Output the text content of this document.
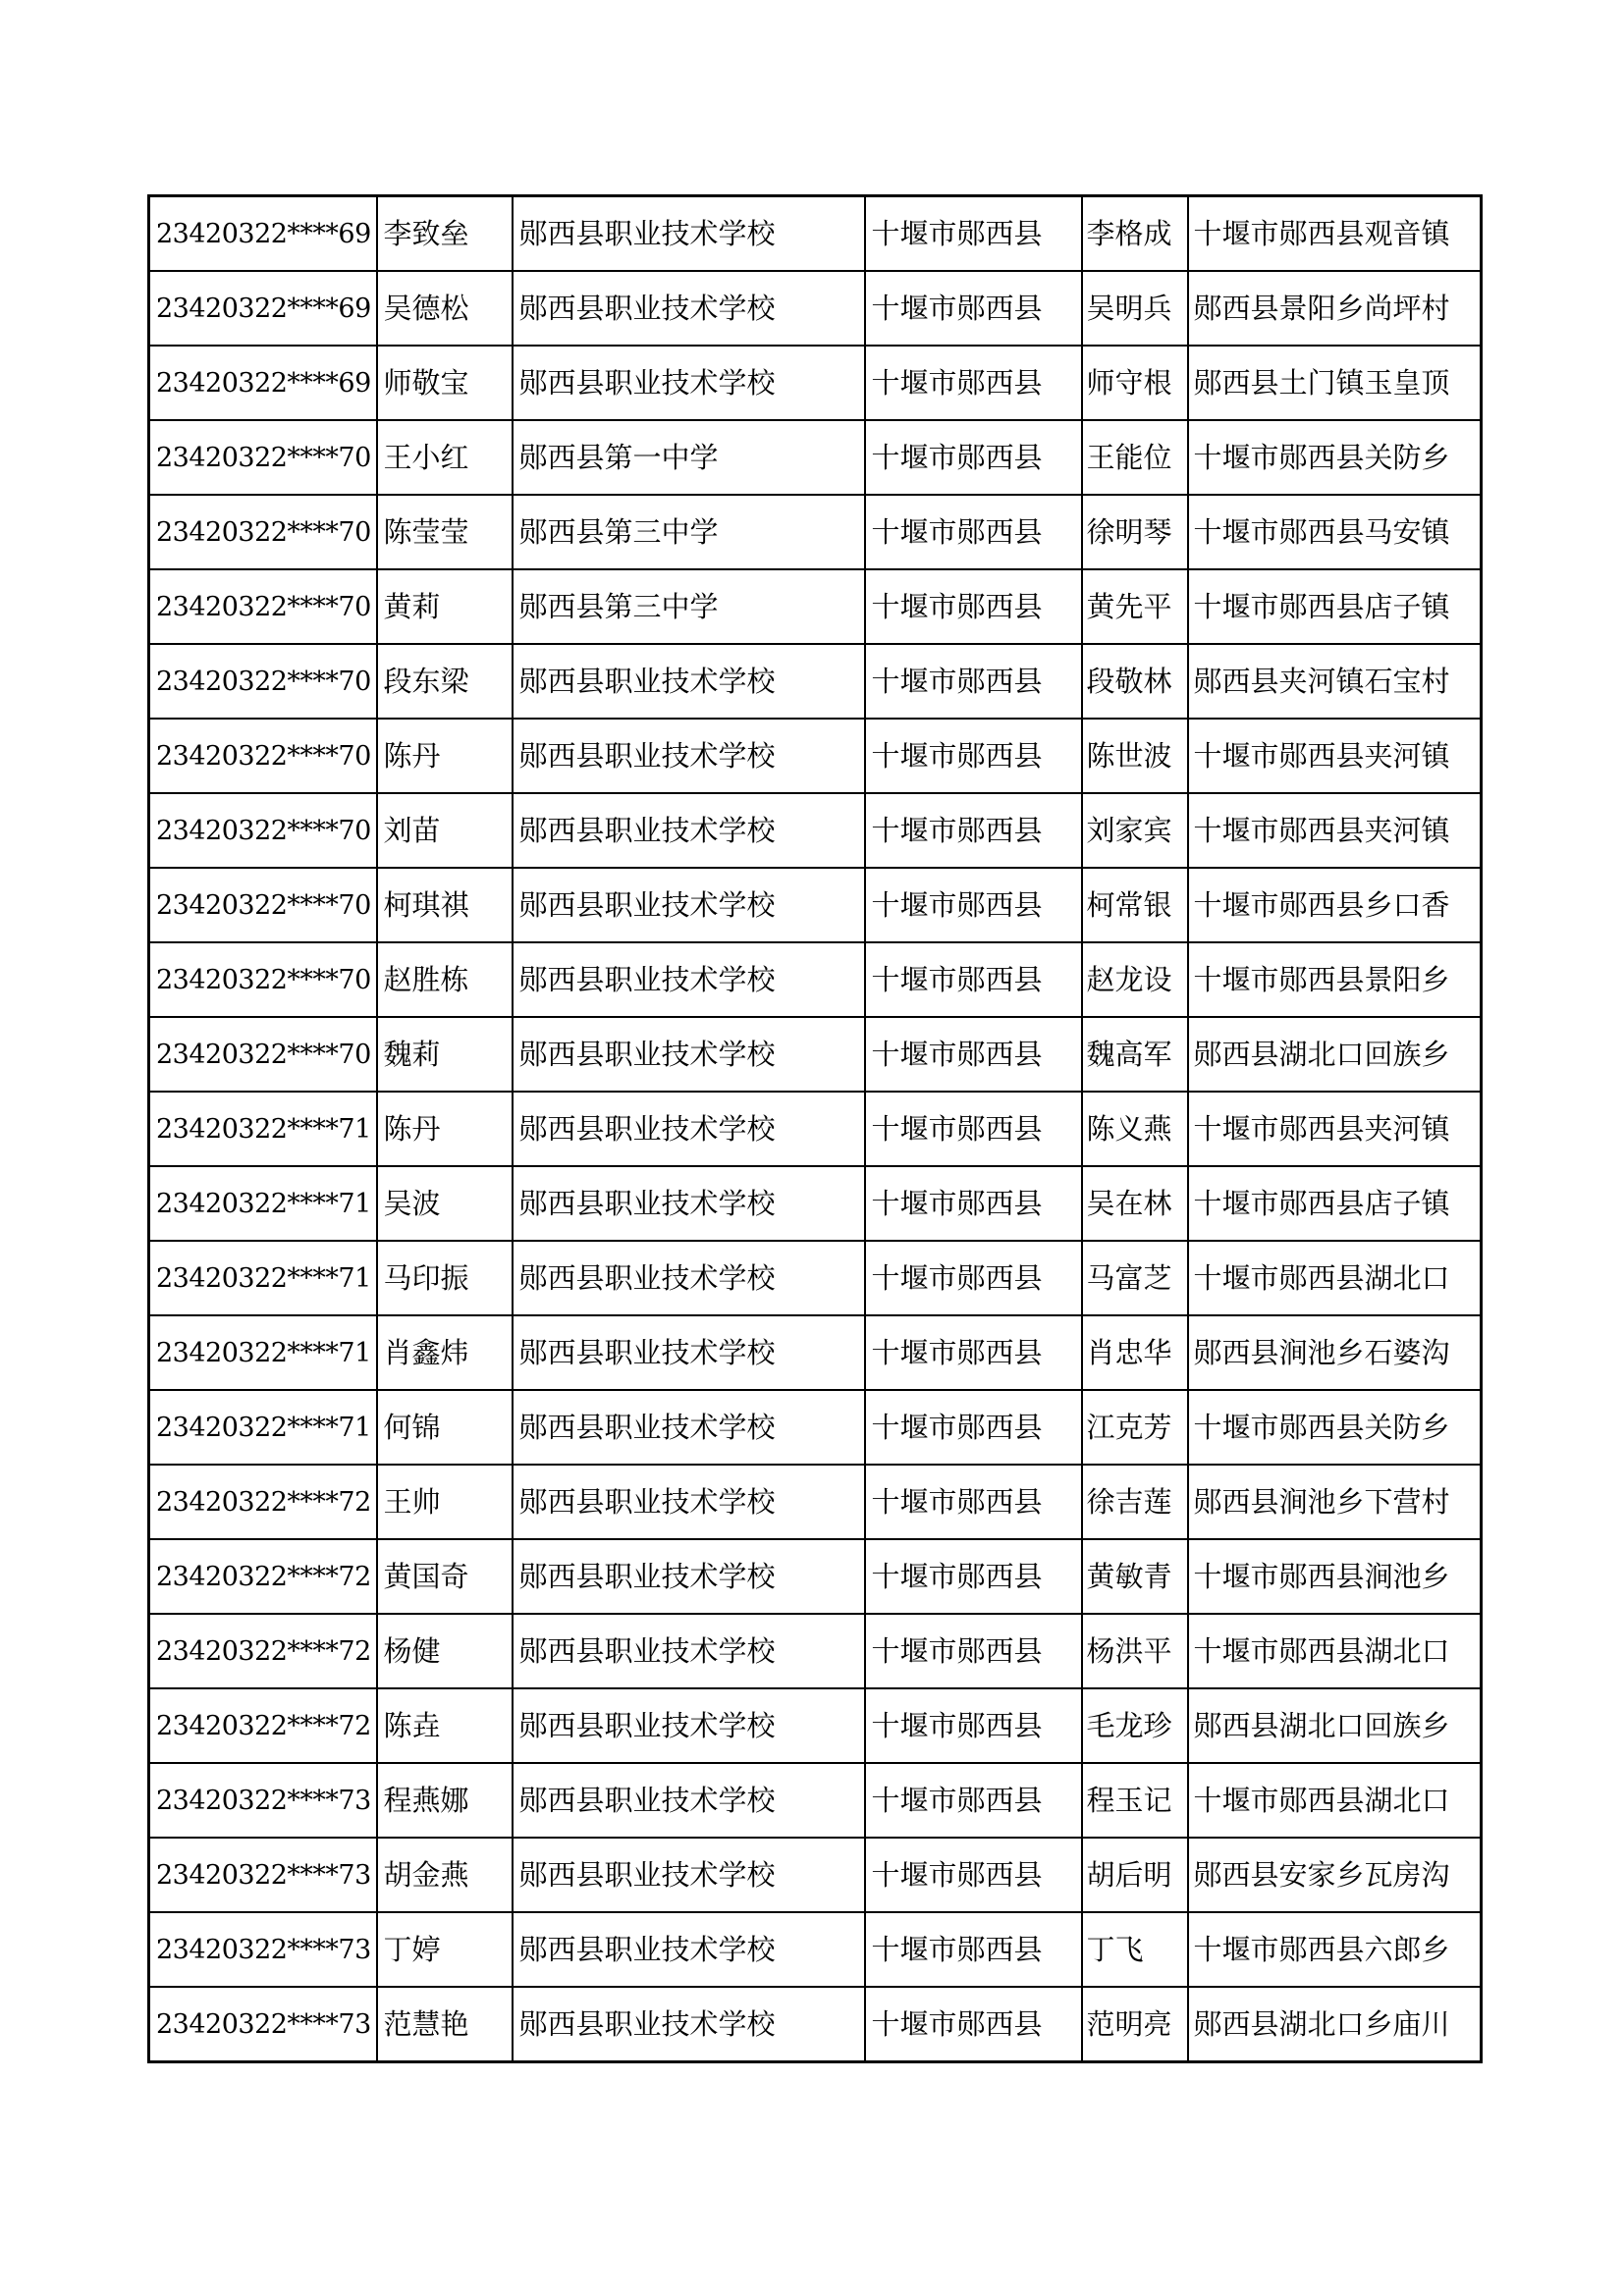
23420322****69	李致垒	郧西县职业技术学校	十堰市郧西县	李格成	十堰市郧西县观音镇
23420322****69	吴德松	郧西县职业技术学校	十堰市郧西县	吴明兵	郧西县景阳乡尚坪村
23420322****69	师敬宝	郧西县职业技术学校	十堰市郧西县	师守根	郧西县土门镇玉皇顶
23420322****70	王小红	郧西县第一中学	十堰市郧西县	王能位	十堰市郧西县关防乡
23420322****70	陈莹莹	郧西县第三中学	十堰市郧西县	徐明琴	十堰市郧西县马安镇
23420322****70	黄莉	郧西县第三中学	十堰市郧西县	黄先平	十堰市郧西县店子镇
23420322****70	段东梁	郧西县职业技术学校	十堰市郧西县	段敬林	郧西县夹河镇石宝村
23420322****70	陈丹	郧西县职业技术学校	十堰市郧西县	陈世波	十堰市郧西县夹河镇
23420322****70	刘苗	郧西县职业技术学校	十堰市郧西县	刘家宾	十堰市郧西县夹河镇
23420322****70	柯琪祺	郧西县职业技术学校	十堰市郧西县	柯常银	十堰市郧西县乡口香
23420322****70	赵胜栋	郧西县职业技术学校	十堰市郧西县	赵龙设	十堰市郧西县景阳乡
23420322****70	魏莉	郧西县职业技术学校	十堰市郧西县	魏高军	郧西县湖北口回族乡
23420322****71	陈丹	郧西县职业技术学校	十堰市郧西县	陈义燕	十堰市郧西县夹河镇
23420322****71	吴波	郧西县职业技术学校	十堰市郧西县	吴在林	十堰市郧西县店子镇
23420322****71	马印振	郧西县职业技术学校	十堰市郧西县	马富芝	十堰市郧西县湖北口
23420322****71	肖鑫炜	郧西县职业技术学校	十堰市郧西县	肖忠华	郧西县涧池乡石婆沟
23420322****71	何锦	郧西县职业技术学校	十堰市郧西县	江克芳	十堰市郧西县关防乡
23420322****72	王帅	郧西县职业技术学校	十堰市郧西县	徐吉莲	郧西县涧池乡下营村
23420322****72	黄国奇	郧西县职业技术学校	十堰市郧西县	黄敏青	十堰市郧西县涧池乡
23420322****72	杨健	郧西县职业技术学校	十堰市郧西县	杨洪平	十堰市郧西县湖北口
23420322****72	陈垚	郧西县职业技术学校	十堰市郧西县	毛龙珍	郧西县湖北口回族乡
23420322****73	程燕娜	郧西县职业技术学校	十堰市郧西县	程玉记	十堰市郧西县湖北口
23420322****73	胡金燕	郧西县职业技术学校	十堰市郧西县	胡后明	郧西县安家乡瓦房沟
23420322****73	丁婷	郧西县职业技术学校	十堰市郧西县	丁飞	十堰市郧西县六郎乡
23420322****73	范慧艳	郧西县职业技术学校	十堰市郧西县	范明亮	郧西县湖北口乡庙川
